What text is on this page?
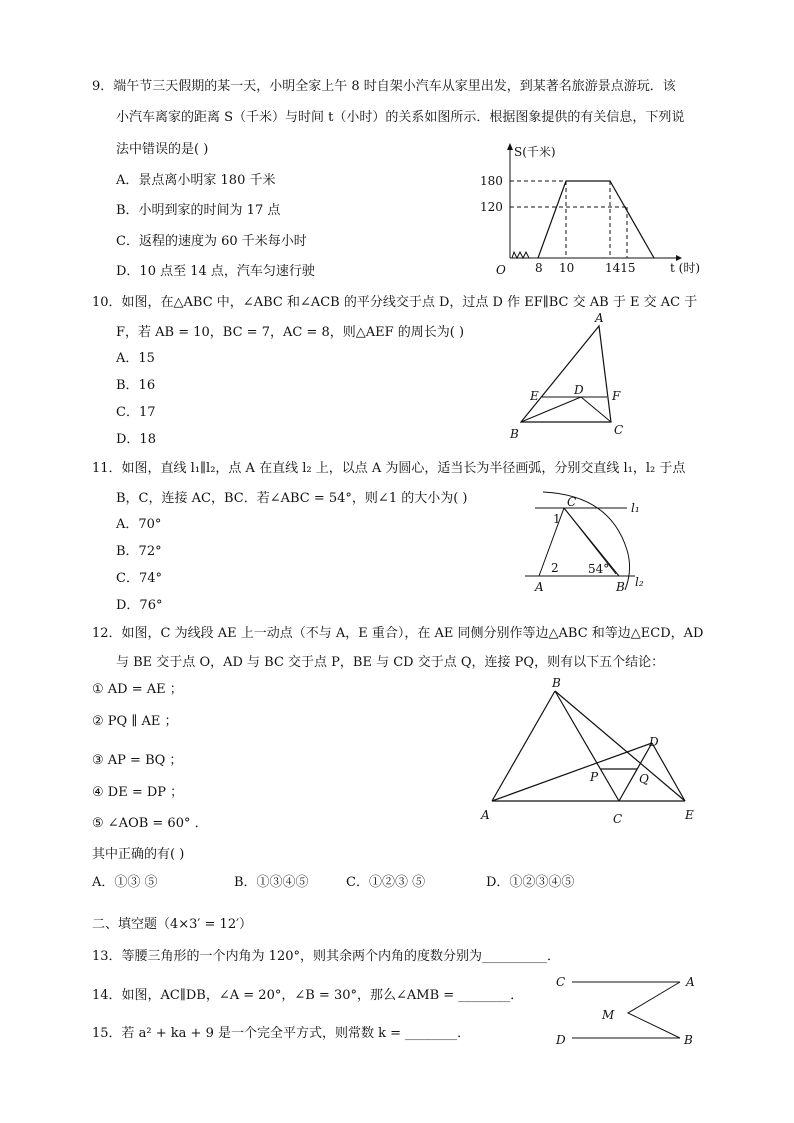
9．端午节三天假期的某一天，小明全家上午 8 时自架小汽车从家里出发，到某著名旅游景点游玩．该
小汽车离家的距离 S（千米）与时间 t（小时）的关系如图所示．根据图象提供的有关信息，下列说
法中错误的是( )
A．景点离小明家 180 千米
B．小明到家的时间为 17 点
C．返程的速度为 60 千米每小时
D．10 点至 14 点，汽车匀速行驶
S(千米)
180
120
O 8 10	1415	t (时)
10．如图，在△ABC 中，∠ABC 和∠ACB 的平分线交于点 D，过点 D 作 EF∥BC 交 AB 于 E 交 AC 于
F，若 AB = 10，BC = 7，AC = 8，则△AEF 的周长为( )
A．15
B．16
C．17
D．18
A
B	C
D
E	F
11．如图，直线 l₁∥l₂，点 A 在直线 l₂ 上，以点 A 为圆心，适当长为半径画弧，分别交直线 l₁，l₂ 于点
B，C，连接 AC，BC．若∠ABC = 54°，则∠1 的大小为( )
A．70°
B．72°
C．74°
D．76°
C
A	B
1
2 54°
l₁
l₂
12．如图，C 为线段 AE 上一动点（不与 A，E 重合），在 AE 同侧分别作等边△ABC 和等边△ECD，AD
与 BE 交于点 O，AD 与 BC 交于点 P，BE 与 CD 交于点 Q，连接 PQ，则有以下五个结论：
① AD = AE ；
② PQ ∥ AE ；
③ AP = BQ ；
④ DE = DP ；
⑤ ∠AOB = 60° ．
其中正确的有( )
A．①③ ⑤	B．①③④⑤	C．①②③ ⑤	D．①②③④⑤
B
D
P	Q
A	C	E
二、填空题（4×3′ = 12′）
13．等腰三角形的一个内角为 120°，则其余两个内角的度数分别为__________．
14．如图，AC∥DB，∠A = 20°，∠B = 30°，那么∠AMB = ________．
15．若 a² + ka + 9 是一个完全平方式，则常数 k = ________．
C	A
M
D	B
